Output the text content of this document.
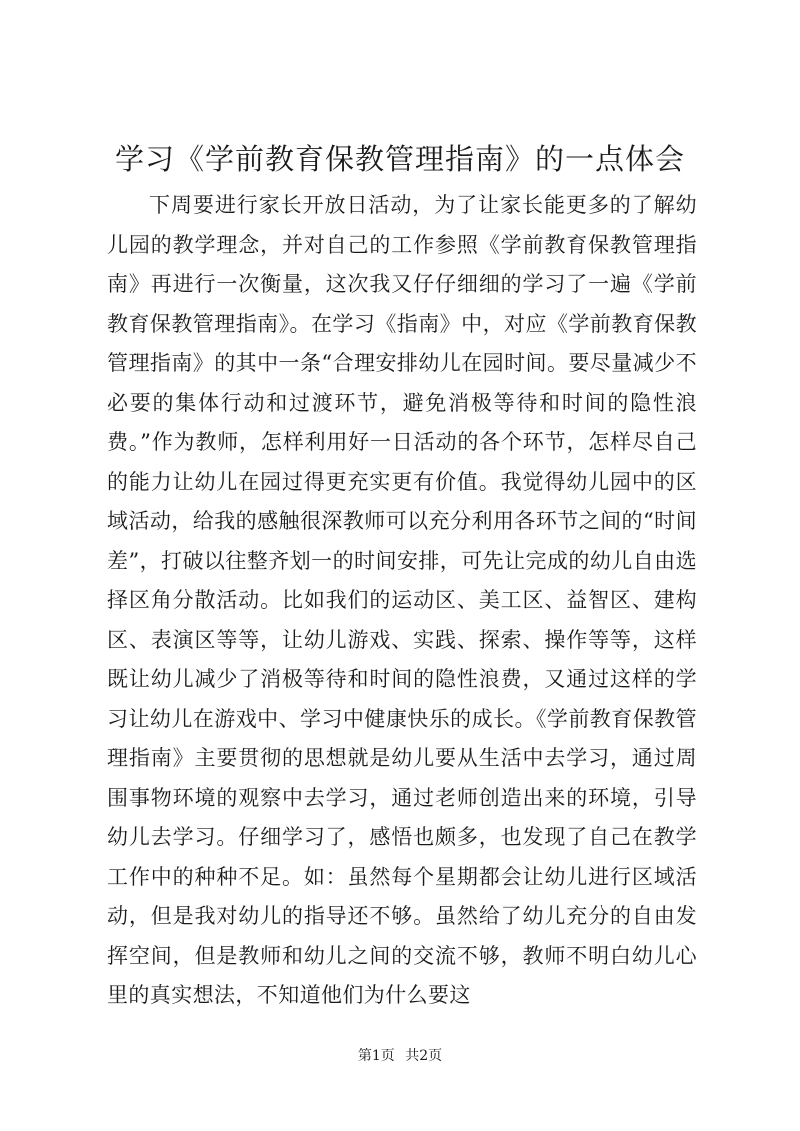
学习《学前教育保教管理指南》的一点体会

下周要进行家长开放日活动，为了让家长能更多的了解幼儿园的教学理念，并对自己的工作参照《学前教育保教管理指南》再进行一次衡量，这次我又仔仔细细的学习了一遍《学前教育保教管理指南》。在学习《指南》中，对应《学前教育保教管理指南》的其中一条“合理安排幼儿在园时间。要尽量减少不必要的集体行动和过渡环节，避免消极等待和时间的隐性浪费。”作为教师，怎样利用好一日活动的各个环节，怎样尽自己的能力让幼儿在园过得更充实更有价值。我觉得幼儿园中的区域活动，给我的感触很深教师可以充分利用各环节之间的“时间差”，打破以往整齐划一的时间安排，可先让完成的幼儿自由选择区角分散活动。比如我们的运动区、美工区、益智区、建构区、表演区等等，让幼儿游戏、实践、探索、操作等等，这样既让幼儿减少了消极等待和时间的隐性浪费，又通过这样的学习让幼儿在游戏中、学习中健康快乐的成长。《学前教育保教管理指南》主要贯彻的思想就是幼儿要从生活中去学习，通过周围事物环境的观察中去学习，通过老师创造出来的环境，引导幼儿去学习。仔细学习了，感悟也颇多，也发现了自己在教学工作中的种种不足。如：虽然每个星期都会让幼儿进行区域活动，但是我对幼儿的指导还不够。虽然给了幼儿充分的自由发挥空间，但是教师和幼儿之间的交流不够，教师不明白幼儿心里的真实想法，不知道他们为什么要这

第1页 共2页
